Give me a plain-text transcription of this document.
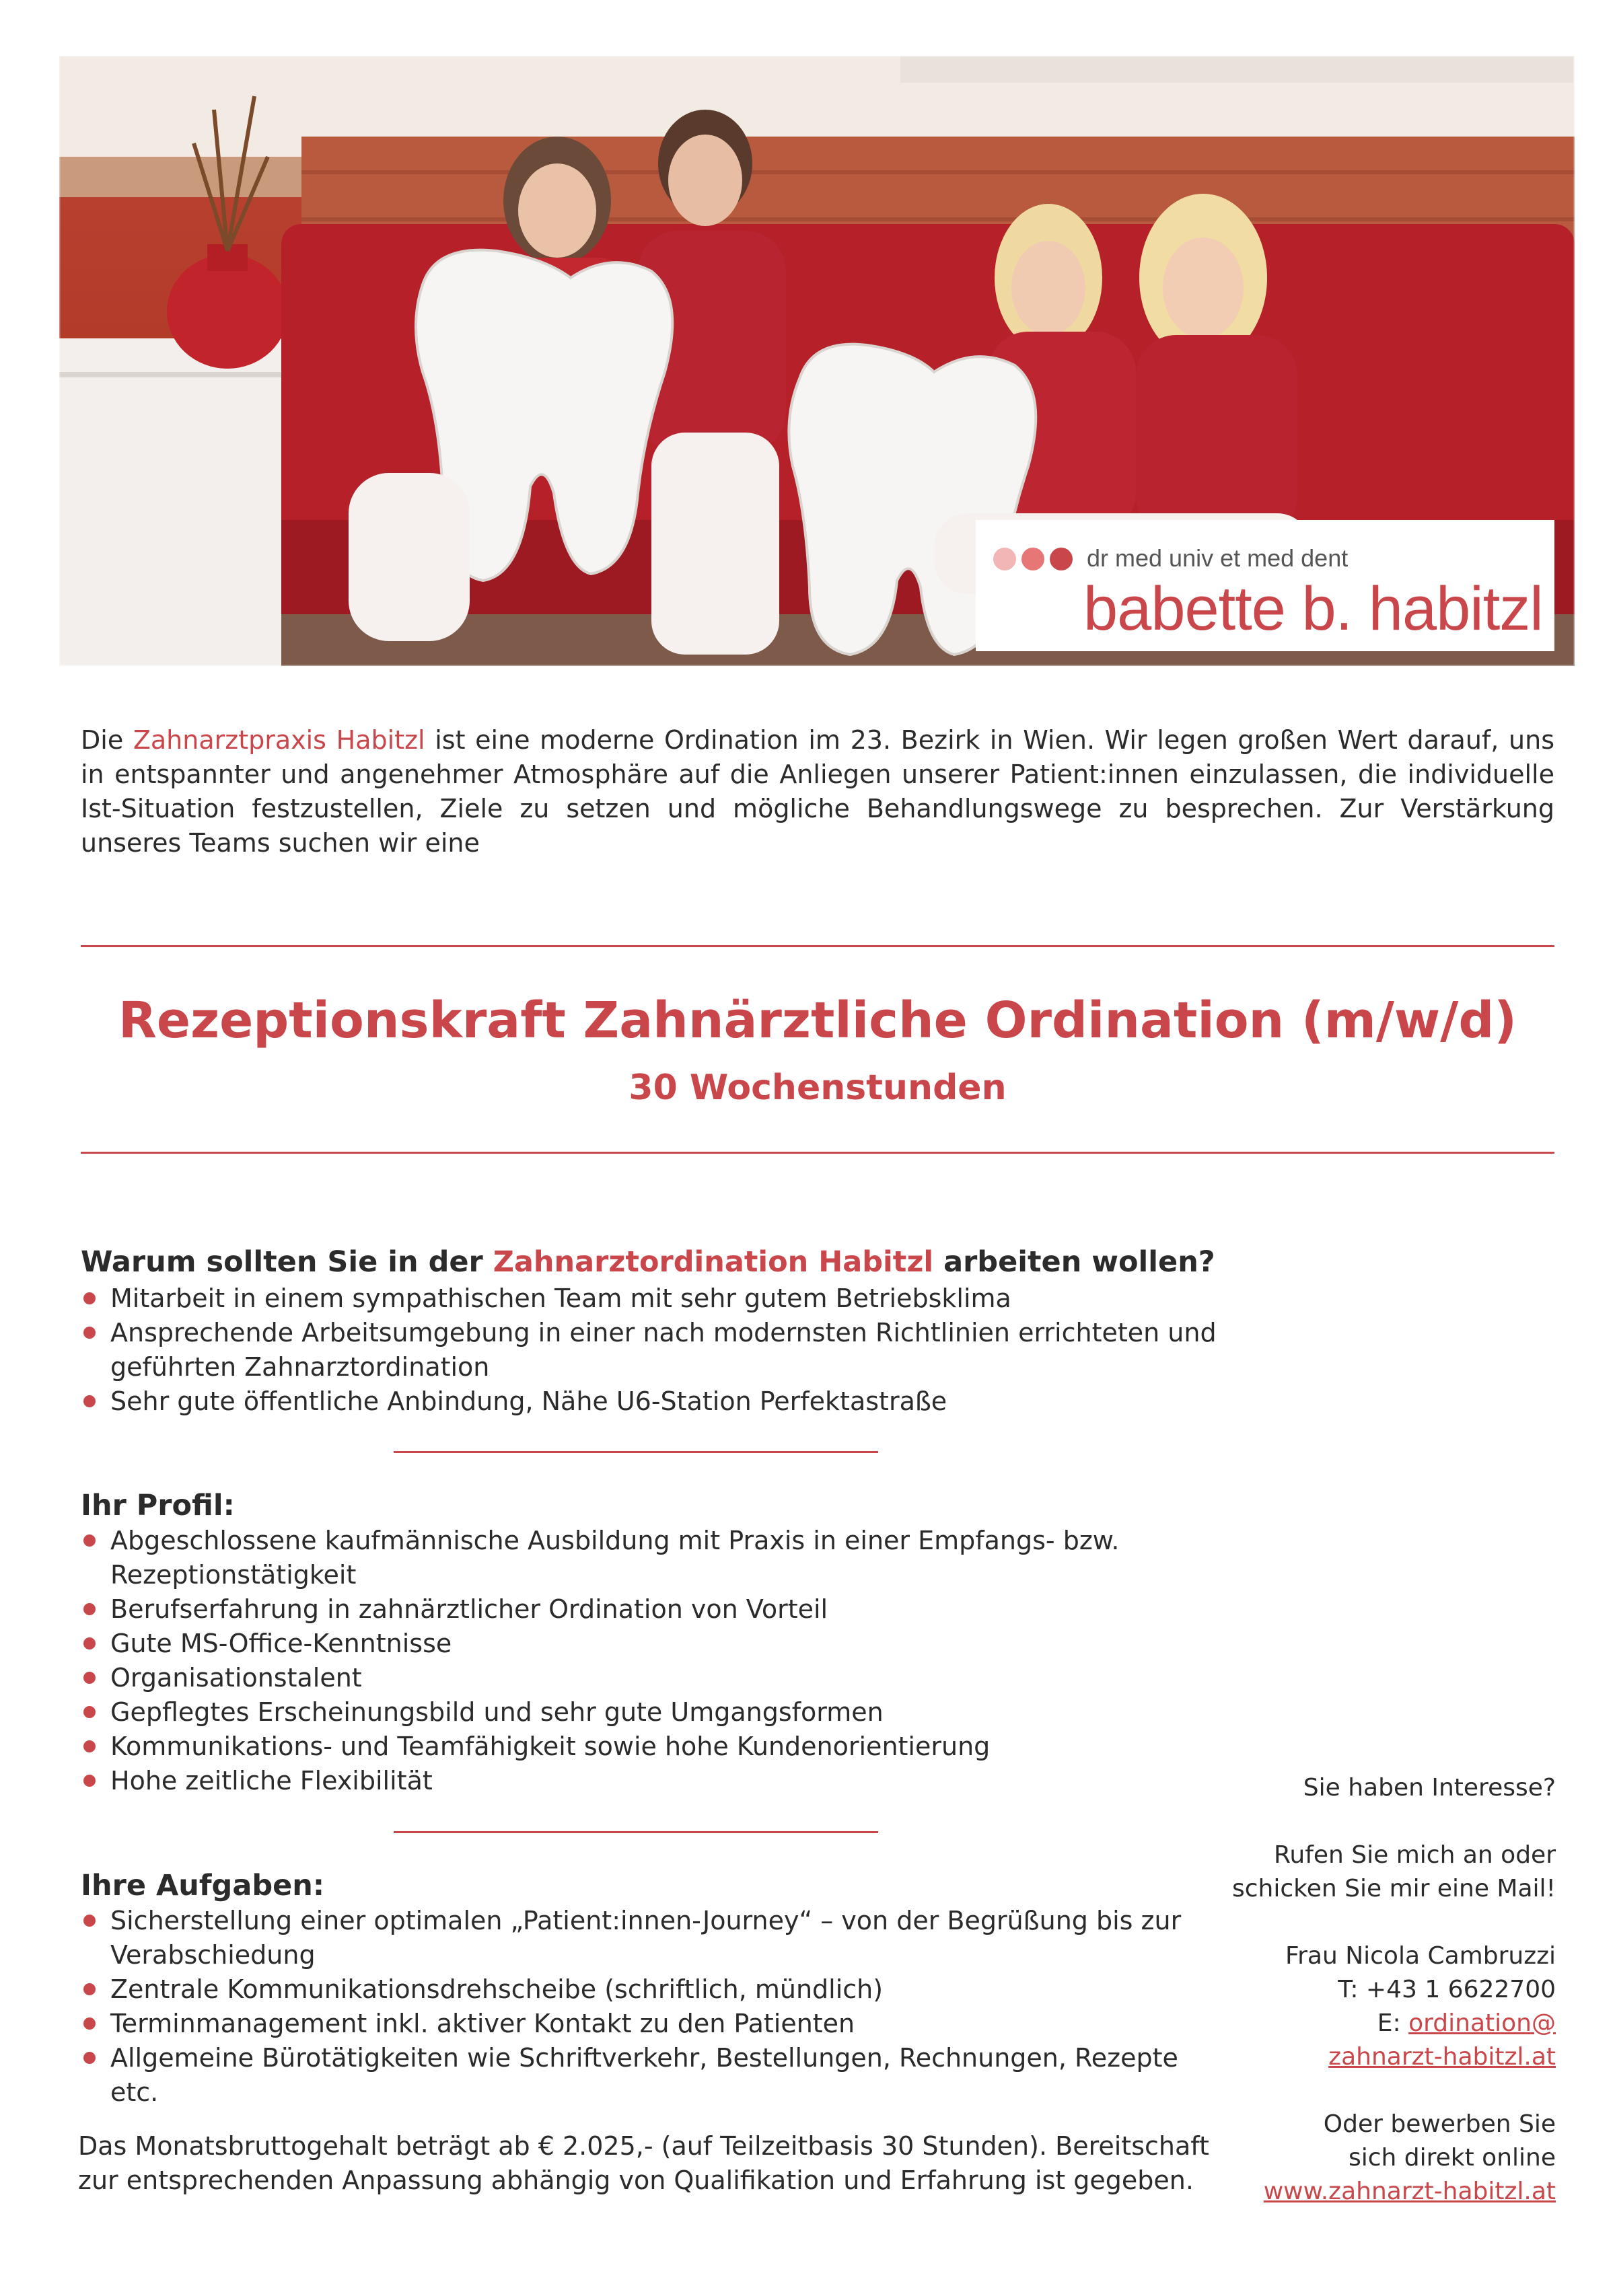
dr med univ et med dent
babette b. habitzl

Die Zahnarztpraxis Habitzl ist eine moderne Ordination im 23. Bezirk in Wien. Wir legen großen Wert darauf, uns in entspannter und angenehmer Atmosphäre auf die Anliegen unserer Patient:innen einzulassen, die individuelle Ist-Situation festzustellen, Ziele zu setzen und mögliche Behandlungswege zu besprechen. Zur Verstärkung unseres Teams suchen wir eine

Rezeptionskraft Zahnärztliche Ordination (m/w/d)
30 Wochenstunden
Warum sollten Sie in der Zahnarztordination Habitzl arbeiten wollen?
Mitarbeit in einem sympathischen Team mit sehr gutem Betriebsklima
Ansprechende Arbeitsumgebung in einer nach modernsten Richtlinien errichteten und geführten Zahnarztordination
Sehr gute öffentliche Anbindung, Nähe U6-Station Perfektastraße
Ihr Profil:
Abgeschlossene kaufmännische Ausbildung mit Praxis in einer Empfangs- bzw. Rezeptionstätigkeit
Berufserfahrung in zahnärztlicher Ordination von Vorteil
Gute MS-Office-Kenntnisse
Organisationstalent
Gepflegtes Erscheinungsbild und sehr gute Umgangsformen
Kommunikations- und Teamfähigkeit sowie hohe Kundenorientierung
Hohe zeitliche Flexibilität
Ihre Aufgaben:
Sicherstellung einer optimalen „Patient:innen-Journey“ – von der Begrüßung bis zur Verabschiedung
Zentrale Kommunikationsdrehscheibe (schriftlich, mündlich)
Terminmanagement inkl. aktiver Kontakt zu den Patienten
Allgemeine Bürotätigkeiten wie Schriftverkehr, Bestellungen, Rechnungen, Rezepte etc.

Das Monatsbruttogehalt beträgt ab € 2.025,- (auf Teilzeitbasis 30 Stunden). Bereitschaft zur entsprechenden Anpassung abhängig von Qualifikation und Erfahrung ist gegeben.

Sie haben Interesse?

Rufen Sie mich an oder

schicken Sie mir eine Mail!

Frau Nicola Cambruzzi

T: +43 1 6622700

E: ordination@

zahnarzt-habitzl.at

Oder bewerben Sie

sich direkt online

www.zahnarzt-habitzl.at
